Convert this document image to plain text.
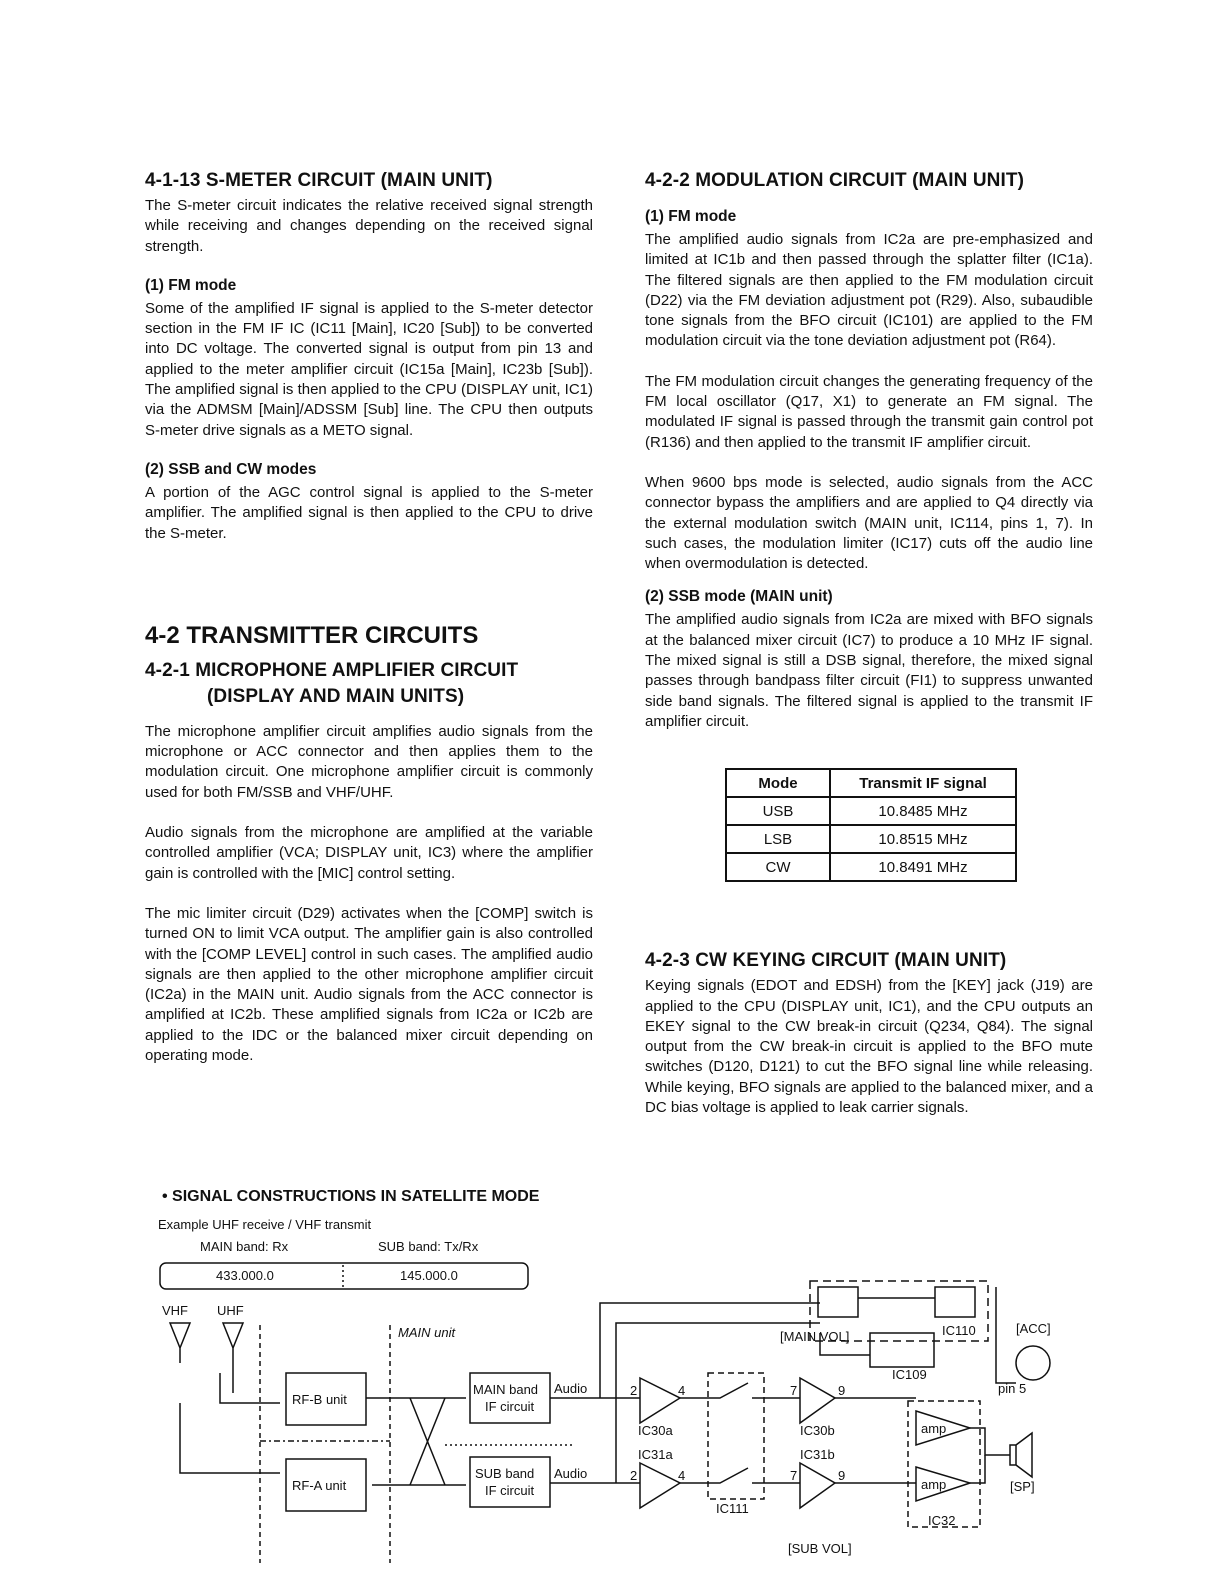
4-1-13 S-METER CIRCUIT (MAIN UNIT)

The S-meter circuit indicates the relative received signal strength while receiving and changes depending on the received signal strength.

(1) FM mode

Some of the amplified IF signal is applied to the S-meter detector section in the FM IF IC (IC11 [Main], IC20 [Sub]) to be converted into DC voltage. The converted signal is output from pin 13 and applied to the meter amplifier circuit (IC15a [Main], IC23b [Sub]). The amplified signal is then applied to the CPU (DISPLAY unit, IC1) via the ADMSM [Main]/ADSSM [Sub] line. The CPU then outputs S-meter drive signals as a METO signal.

(2) SSB and CW modes

A portion of the AGC control signal is applied to the S-meter amplifier. The amplified signal is then applied to the CPU to drive the S-meter.

4-2 TRANSMITTER CIRCUITS
4-2-1 MICROPHONE AMPLIFIER CIRCUIT
(DISPLAY AND MAIN UNITS)

The microphone amplifier circuit amplifies audio signals from the microphone or ACC connector and then applies them to the modulation circuit. One microphone amplifier circuit is commonly used for both FM/SSB and VHF/UHF.

Audio signals from the microphone are amplified at the variable controlled amplifier (VCA; DISPLAY unit, IC3) where the amplifier gain is controlled with the [MIC] control setting.

The mic limiter circuit (D29) activates when the [COMP] switch is turned ON to limit VCA output. The amplifier gain is also controlled with the [COMP LEVEL] control in such cases. The amplified audio signals are then applied to the other microphone amplifier circuit (IC2a) in the MAIN unit. Audio signals from the ACC connector is amplified at IC2b. These amplified signals from IC2a or IC2b are applied to the IDC or the balanced mixer circuit depending on operating mode.

4-2-2 MODULATION CIRCUIT (MAIN UNIT)
(1) FM mode

The amplified audio signals from IC2a are pre-emphasized and limited at IC1b and then passed through the splatter filter (IC1a). The filtered signals are then applied to the FM modulation circuit (D22) via the FM deviation adjustment pot (R29). Also, subaudible tone signals from the BFO circuit (IC101) are applied to the FM modulation circuit via the tone deviation adjustment pot (R64).

The FM modulation circuit changes the generating frequency of the FM local oscillator (Q17, X1) to generate an FM signal. The modulated IF signal is passed through the transmit gain control pot (R136) and then applied to the transmit IF amplifier circuit.

When 9600 bps mode is selected, audio signals from the ACC connector bypass the amplifiers and are applied to Q4 directly via the external modulation switch (MAIN unit, IC114, pins 1, 7). In such cases, the modulation limiter (IC17) cuts off the audio line when overmodulation is detected.

(2) SSB mode (MAIN unit)

The amplified audio signals from IC2a are mixed with BFO signals at the balanced mixer circuit (IC7) to produce a 10 MHz IF signal. The mixed signal is still a DSB signal, therefore, the mixed signal passes through bandpass filter circuit (FI1) to suppress unwanted side band signals. The filtered signal is applied to the transmit IF amplifier circuit.

Mode	Transmit IF signal
USB	10.8485 MHz
LSB	10.8515 MHz
CW	10.8491 MHz
4-2-3 CW KEYING CIRCUIT (MAIN UNIT)

Keying signals (EDOT and EDSH) from the [KEY] jack (J19) are applied to the CPU (DISPLAY unit, IC1), and the CPU outputs an EKEY signal to the CW break-in circuit (Q234, Q84). The signal output from the CW break-in circuit is applied to the BFO mute switches (D120, D121) to cut the BFO signal line while releasing. While keying, BFO signals are applied to the balanced mixer, and a DC bias voltage is applied to leak carrier signals.

• SIGNAL CONSTRUCTIONS IN SATELLITE MODE
Example UHF receive / VHF transmit
MAIN band: Rx	SUB band: Tx/Rx
433.000.0	145.000.0
VHF UHF
MAIN unit
RF-B unit
RF-A unit
MAIN band
IF circuit
SUB band
IF circuit
Audio
Audio
2	4
2	4
7	9
7	9
IC30a
IC31a
IC30b
IC31b
IC111
IC110
IC109
IC32
[MAIN VOL]
[SUB VOL]
[ACC]
pin 5
[SP]
amp
amp
